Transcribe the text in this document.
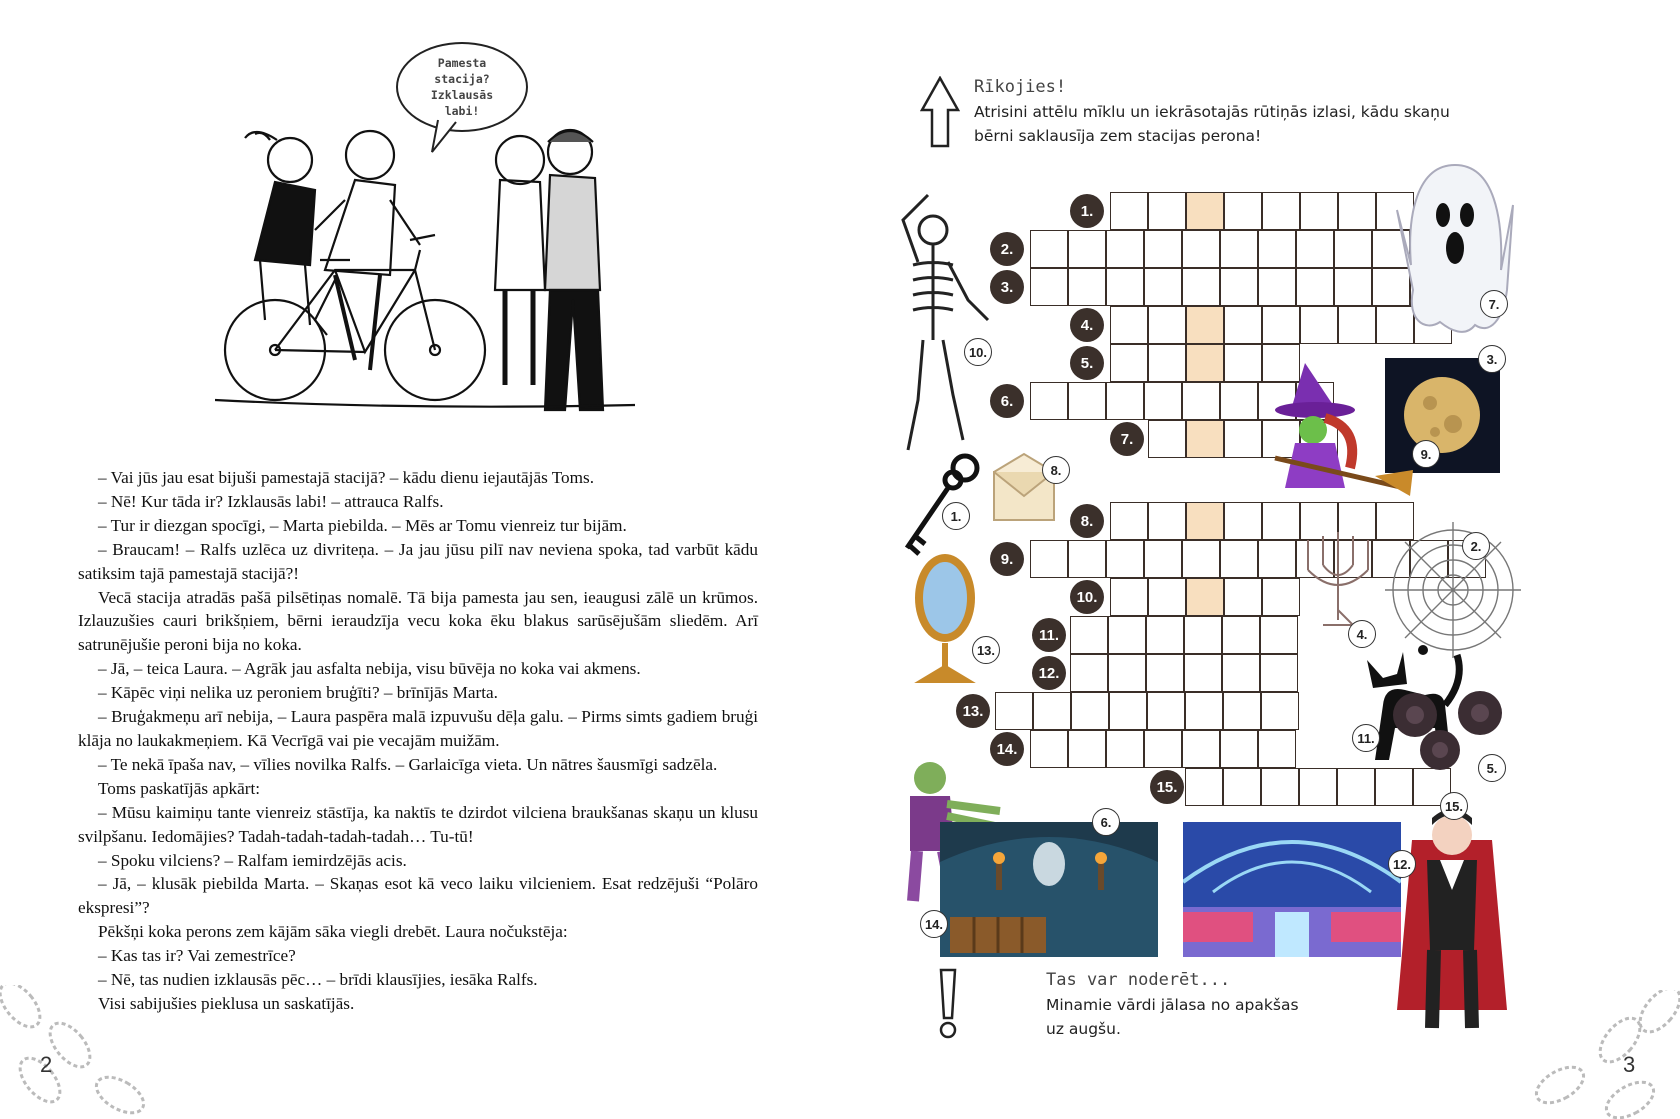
Pamesta
stacija?
Izklausās
labi!

– Vai jūs jau esat bijuši pamestajā stacijā? – kādu dienu iejautājās Toms.

– Nē! Kur tāda ir? Izklausās labi! – attrauca Ralfs.

– Tur ir diezgan spocīgi, – Marta piebilda. – Mēs ar Tomu vienreiz tur bijām.

– Braucam! – Ralfs uzlēca uz divriteņa. – Ja jau jūsu pilī nav neviena spoka, tad varbūt kādu satiksim tajā pamestajā stacijā?!

Vecā stacija atradās pašā pilsētiņas nomalē. Tā bija pamesta jau sen, ieaugusi zālē un krūmos. Izlauzušies cauri brikšņiem, bērni ieraudzīja vecu koka ēku blakus sarūsējušām sliedēm. Arī satrunējušie peroni bija no koka.

– Jā, – teica Laura. – Agrāk jau asfalta nebija, visu būvēja no koka vai akmens.

– Kāpēc viņi nelika uz peroniem bruģīti? – brīnījās Marta.

– Bruģakmeņu arī nebija, – Laura paspēra malā izpuvušu dēļa galu. – Pirms simts gadiem bruģi klāja no laukakmeņiem. Kā Vecrīgā vai pie vecajām muižām.

– Te nekā īpaša nav, – vīlies novilka Ralfs. – Garlaicīga vieta. Un nātres šausmīgi sadzēla.

Toms paskatījās apkārt:

– Mūsu kaimiņu tante vienreiz stāstīja, ka naktīs te dzirdot vilciena braukšanas skaņu un klusu svilpšanu. Iedomājies? Tadah-tadah-tadah-tadah… Tu-tū!

– Spoku vilciens? – Ralfam iemirdzējās acis.

– Jā, – klusāk piebilda Marta. – Skaņas esot kā veco laiku vilcieniem. Esat redzējuši “Polāro ekspresi”?

Pēkšņi koka perons zem kājām sāka viegli drebēt. Laura nočukstēja:

– Kas tas ir? Vai zemestrīce?

– Nē, tas nudien izklausās pēc… – brīdi klausījies, iesāka Ralfs.

Visi sabijušies pieklusa un saskatījās.

2
Rīkojies!
Atrisini attēlu mīklu un iekrāsotajās rūtiņās izlasi, kādu skaņu bērni saklausīja zem stacijas perona!
1.
2.
3.
4.
5.
6.
7.
8.
9.
10.
11.
12.
13.
14.
15.
1.
2.
3.
4.
5.
6.
7.
8.
9.
10.
11.
12.
13.
14.
15.
Tas var noderēt...
Minamie vārdi jālasa no apakšas uz augšu.
3
